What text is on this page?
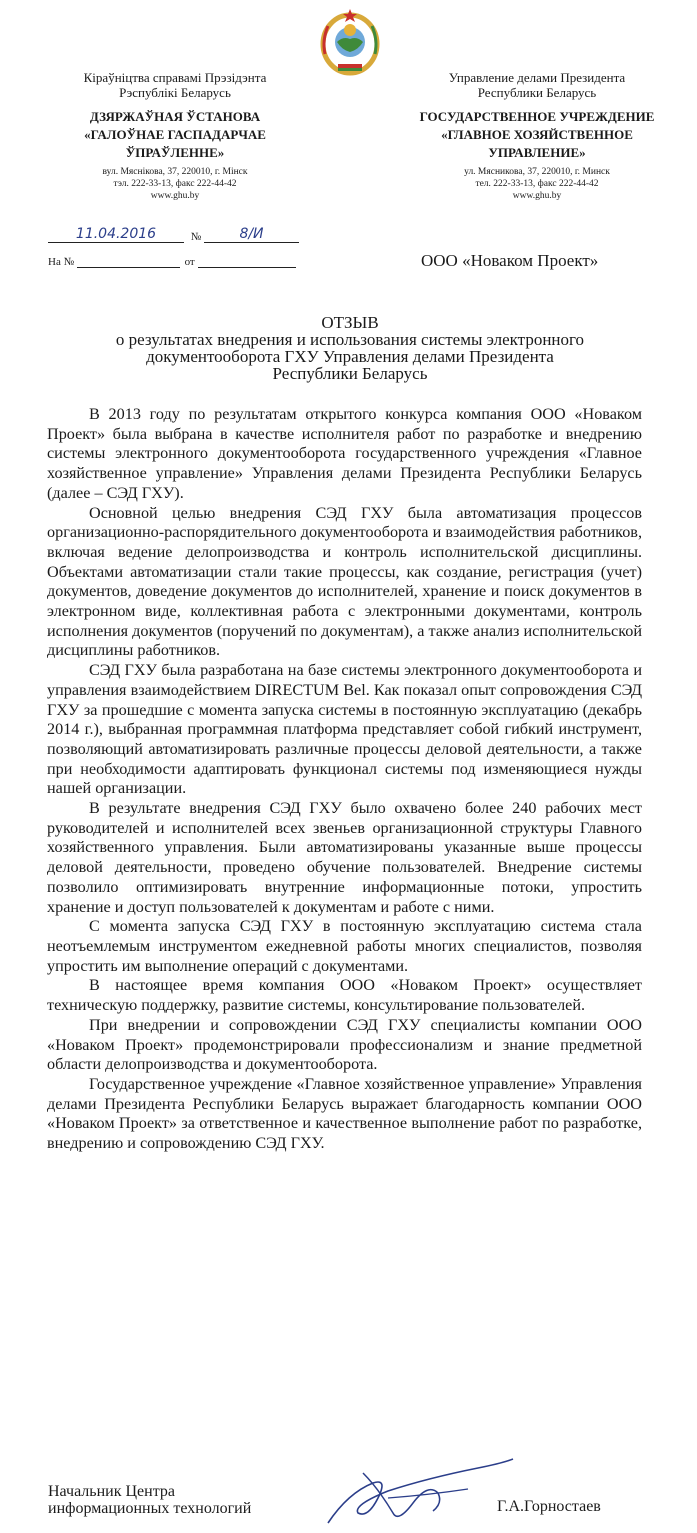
Кіраўніцтва справамі Прэзідэнта
Рэспублікі Беларусь
ДЗЯРЖАЎНАЯ ЎСТАНОВА
«ГАЛОЎНАЕ ГАСПАДАРЧАЕ
ЎПРАЎЛЕННЕ»
вул. Мяснікова, 37, 220010, г. Мінск
тэл. 222-33-13, факс 222-44-42
www.ghu.by
Управление делами Президента
Республики Беларусь
ГОСУДАРСТВЕННОЕ УЧРЕЖДЕНИЕ
«ГЛАВНОЕ ХОЗЯЙСТВЕННОЕ
УПРАВЛЕНИЕ»
ул. Мясникова, 37, 220010, г. Минск
тел. 222-33-13, факс 222-44-42
www.ghu.by
11.04.2016	№	8/И
На №	от	ООО «Новаком Проект»
ОТЗЫВ
о результатах внедрения и использования системы электронного
документооборота ГХУ Управления делами Президента
Республики Беларусь

В 2013 году по результатам открытого конкурса компания ООО «Новаком Проект» была выбрана в качестве исполнителя работ по разработке и внедрению системы электронного документооборота государственного учреждения «Главное хозяйственное управление» Управления делами Президента Республики Беларусь (далее – СЭД ГХУ).

Основной целью внедрения СЭД ГХУ была автоматизация процессов организационно-распорядительного документооборота и взаимодействия работников, включая ведение делопроизводства и контроль исполнительской дисциплины. Объектами автоматизации стали такие процессы, как создание, регистрация (учет) документов, доведение документов до исполнителей, хранение и поиск документов в электронном виде, коллективная работа с электронными документами, контроль исполнения документов (поручений по документам), а также анализ исполнительской дисциплины работников.

СЭД ГХУ была разработана на базе системы электронного документооборота и управления взаимодействием DIRECTUM Bel. Как показал опыт сопровождения СЭД ГХУ за прошедшие с момента запуска системы в постоянную эксплуатацию (декабрь 2014 г.), выбранная программная платформа представляет собой гибкий инструмент, позволяющий автоматизировать различные процессы деловой деятельности, а также при необходимости адаптировать функционал системы под изменяющиеся нужды нашей организации.

В результате внедрения СЭД ГХУ было охвачено более 240 рабочих мест руководителей и исполнителей всех звеньев организационной структуры Главного хозяйственного управления. Были автоматизированы указанные выше процессы деловой деятельности, проведено обучение пользователей. Внедрение системы позволило оптимизировать внутренние информационные потоки, упростить хранение и доступ пользователей к документам и работе с ними.

С момента запуска СЭД ГХУ в постоянную эксплуатацию система стала неотъемлемым инструментом ежедневной работы многих специалистов, позволяя упростить им выполнение операций с документами.

В настоящее время компания ООО «Новаком Проект» осуществляет техническую поддержку, развитие системы, консультирование пользователей.

При внедрении и сопровождении СЭД ГХУ специалисты компании ООО «Новаком Проект» продемонстрировали профессионализм и знание предметной области делопроизводства и документооборота.

Государственное учреждение «Главное хозяйственное управление» Управления делами Президента Республики Беларусь выражает благодарность компании ООО «Новаком Проект» за ответственное и качественное выполнение работ по разработке, внедрению и сопровождению СЭД ГХУ.

Начальник Центра
информационных технологий	Г.А.Горностаев
